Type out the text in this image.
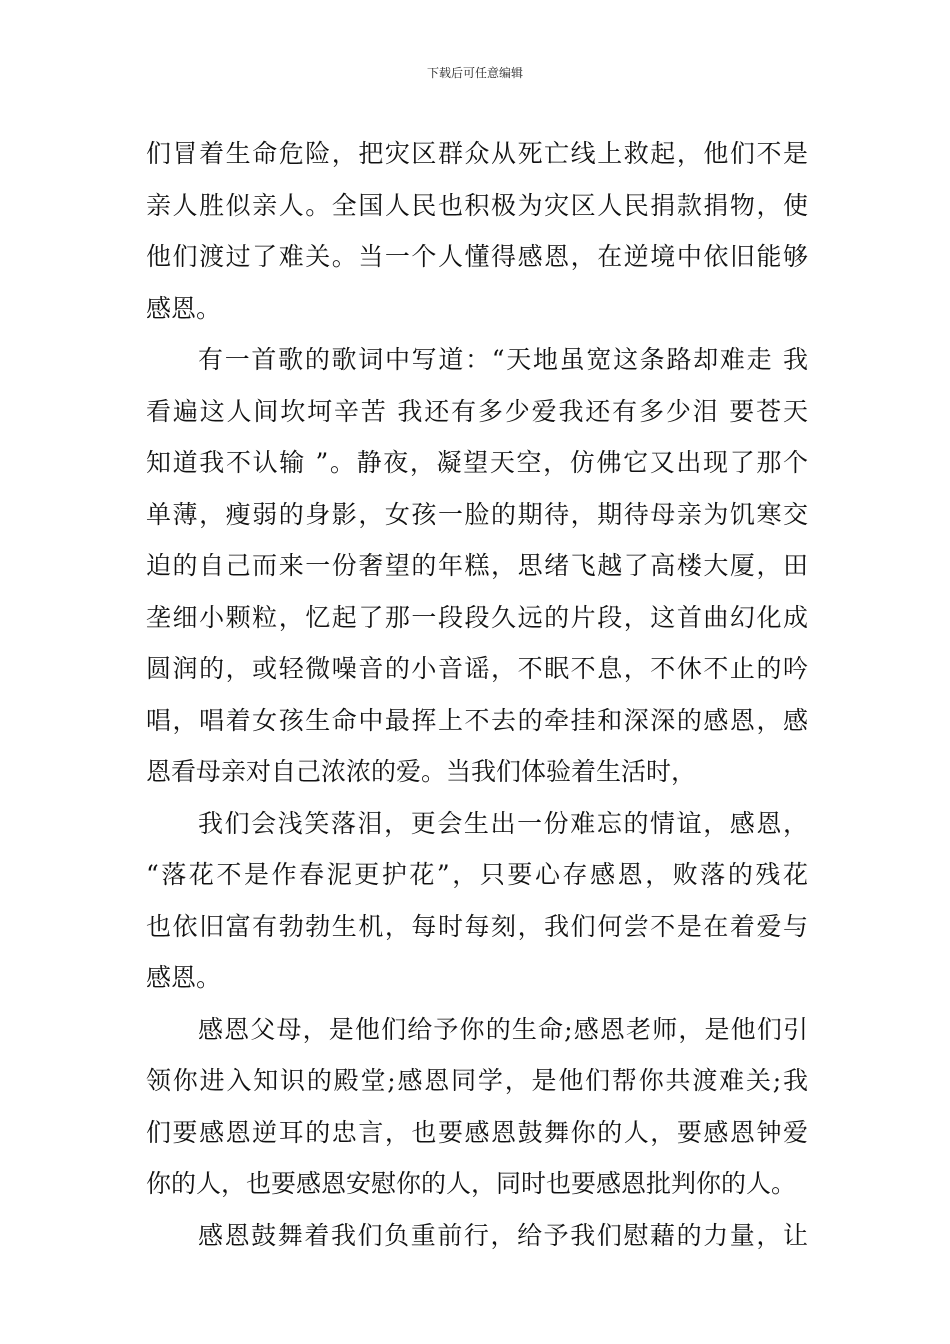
下载后可任意编辑
们冒着生命危险，把灾区群众从死亡线上救起，他们不是
亲人胜似亲人。全国人民也积极为灾区人民捐款捐物，使
他们渡过了难关。当一个人懂得感恩，在逆境中依旧能够
感恩。
有一首歌的歌词中写道：“天地虽宽这条路却难走 我
看遍这人间坎坷辛苦 我还有多少爱我还有多少泪 要苍天
知道我不认输 ”。静夜，凝望天空，仿佛它又出现了那个
单薄，瘦弱的身影，女孩一脸的期待，期待母亲为饥寒交
迫的自己而来一份奢望的年糕，思绪飞越了高楼大厦，田
垄细小颗粒，忆起了那一段段久远的片段，这首曲幻化成
圆润的，或轻微噪音的小音谣，不眠不息，不休不止的吟
唱，唱着女孩生命中最挥上不去的牵挂和深深的感恩，感
恩看母亲对自己浓浓的爱。当我们体验着生活时，
我们会浅笑落泪，更会生出一份难忘的情谊，感恩，
“落花不是作春泥更护花”，只要心存感恩，败落的残花
也依旧富有勃勃生机，每时每刻，我们何尝不是在着爱与
感恩。
感恩父母，是他们给予你的生命;感恩老师，是他们引
领你进入知识的殿堂;感恩同学，是他们帮你共渡难关;我
们要感恩逆耳的忠言，也要感恩鼓舞你的人，要感恩钟爱
你的人，也要感恩安慰你的人，同时也要感恩批判你的人。
感恩鼓舞着我们负重前行，给予我们慰藉的力量，让
